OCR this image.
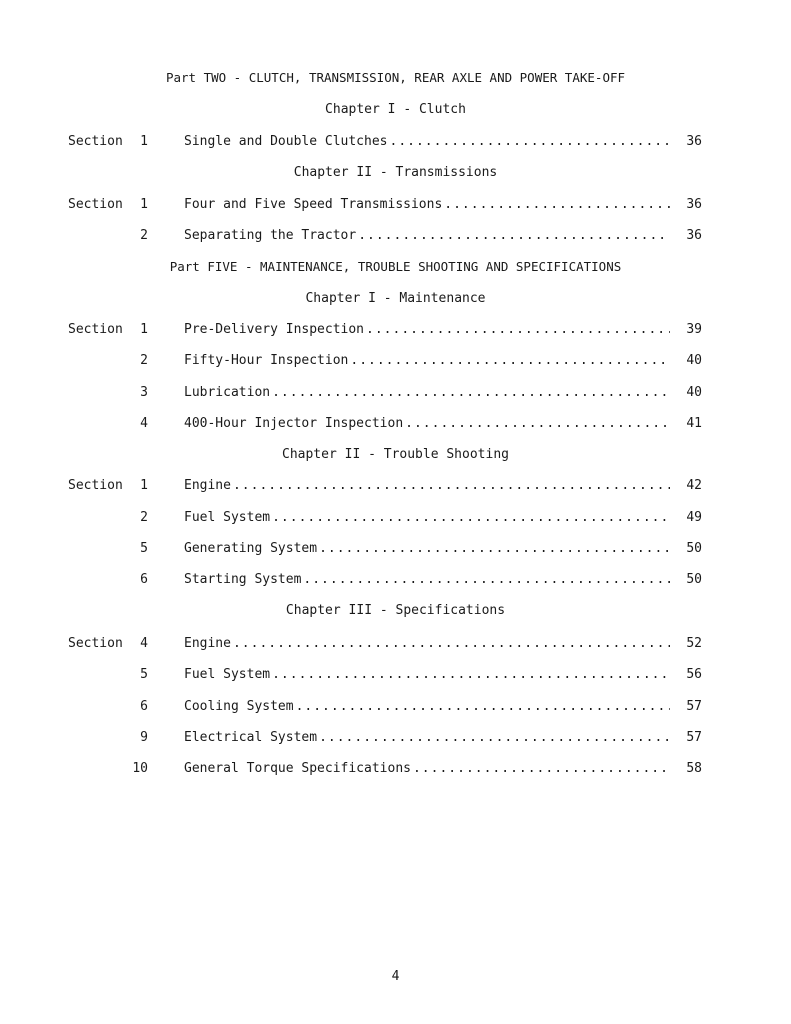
Part TWO - CLUTCH, TRANSMISSION, REAR AXLE AND POWER TAKE-OFF
Chapter I - Clutch
Section	1	Single and Double Clutches .....	36
Chapter II - Transmissions
Section	1	Four and Five Speed Transmissions .....	36
2	Separating the Tractor .....	36
Part FIVE - MAINTENANCE, TROUBLE SHOOTING AND SPECIFICATIONS
Chapter I - Maintenance
Section	1	Pre-Delivery Inspection .....	39
2	Fifty-Hour Inspection .....	40
3	Lubrication .....	40
4	400-Hour Injector Inspection .....	41
Chapter II - Trouble Shooting
Section	1	Engine .....	42
2	Fuel System .....	49
5	Generating System .....	50
6	Starting System .....	50
Chapter III - Specifications
Section	4	Engine .....	52
5	Fuel System .....	56
6	Cooling System .....	57
9	Electrical System .....	57
10	General Torque Specifications .....	58
4
